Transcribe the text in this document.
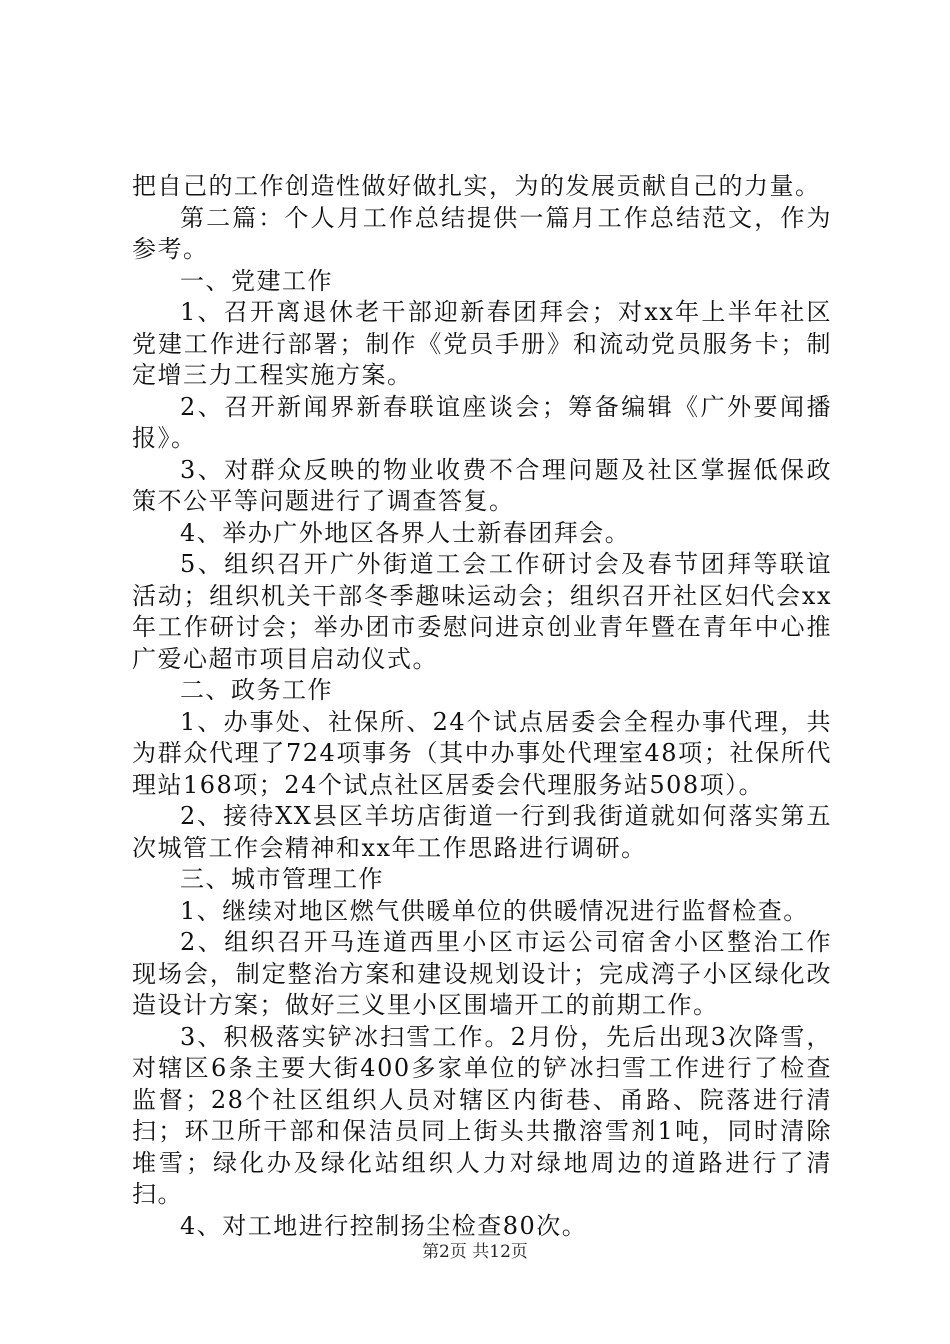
把自己的工作创造性做好做扎实，为的发展贡献自己的力量。

第二篇：个人月工作总结提供一篇月工作总结范文，作为参考。

一、党建工作

1、召开离退休老干部迎新春团拜会；对xx年上半年社区党建工作进行部署；制作《党员手册》和流动党员服务卡；制定增三力工程实施方案。

2、召开新闻界新春联谊座谈会；筹备编辑《广外要闻播报》。

3、对群众反映的物业收费不合理问题及社区掌握低保政策不公平等问题进行了调查答复。

4、举办广外地区各界人士新春团拜会。

5、组织召开广外街道工会工作研讨会及春节团拜等联谊活动；组织机关干部冬季趣味运动会；组织召开社区妇代会xx年工作研讨会；举办团市委慰问进京创业青年暨在青年中心推广爱心超市项目启动仪式。

二、政务工作

1、办事处、社保所、24个试点居委会全程办事代理，共为群众代理了724项事务（其中办事处代理室48项；社保所代理站168项；24个试点社区居委会代理服务站508项）。

2、接待XX县区羊坊店街道一行到我街道就如何落实第五次城管工作会精神和xx年工作思路进行调研。

三、城市管理工作

1、继续对地区燃气供暖单位的供暖情况进行监督检查。

2、组织召开马连道西里小区市运公司宿舍小区整治工作现场会，制定整治方案和建设规划设计；完成湾子小区绿化改造设计方案；做好三义里小区围墙开工的前期工作。

3、积极落实铲冰扫雪工作。2月份，先后出现3次降雪，对辖区6条主要大街400多家单位的铲冰扫雪工作进行了检查监督；28个社区组织人员对辖区内街巷、甬路、院落进行清扫；环卫所干部和保洁员同上街头共撒溶雪剂1吨，同时清除堆雪；绿化办及绿化站组织人力对绿地周边的道路进行了清扫。

4、对工地进行控制扬尘检查80次。

第2页 共12页
